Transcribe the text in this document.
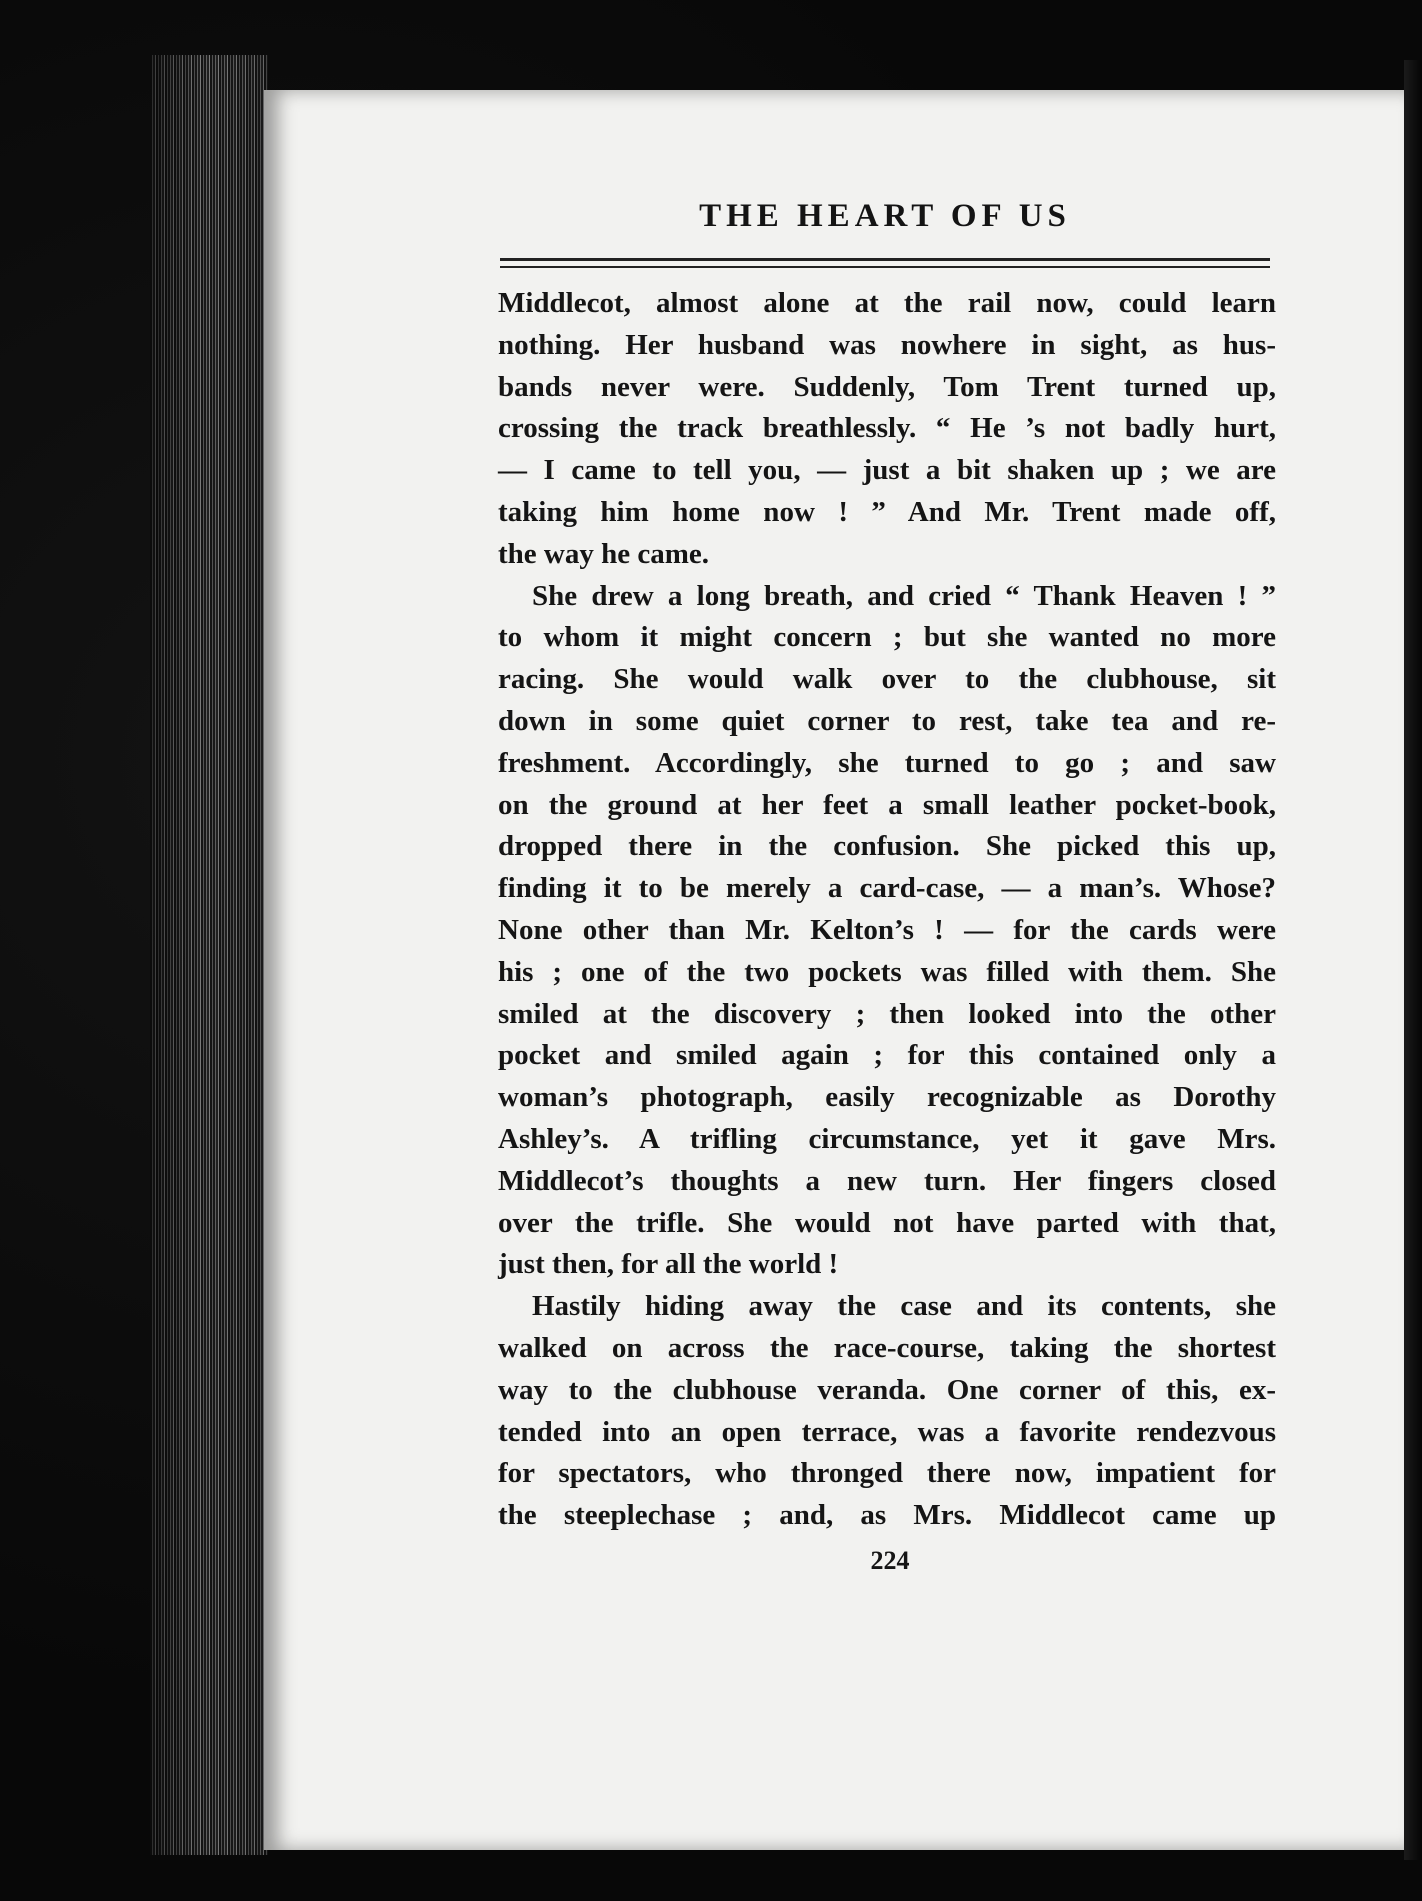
THE HEART OF US
Middlecot, almost alone at the rail now, could learn
nothing. Her husband was nowhere in sight, as hus-
bands never were. Suddenly, Tom Trent turned up,
crossing the track breathlessly. “ He ’s not badly hurt,
— I came to tell you, — just a bit shaken up ; we are
taking him home now ! ” And Mr. Trent made off,
the way he came.
She drew a long breath, and cried “ Thank Heaven ! ”
to whom it might concern ; but she wanted no more
racing. She would walk over to the clubhouse, sit
down in some quiet corner to rest, take tea and re-
freshment. Accordingly, she turned to go ; and saw
on the ground at her feet a small leather pocket-book,
dropped there in the confusion. She picked this up,
finding it to be merely a card-case, — a man’s. Whose?
None other than Mr. Kelton’s ! — for the cards were
his ; one of the two pockets was filled with them. She
smiled at the discovery ; then looked into the other
pocket and smiled again ; for this contained only a
woman’s photograph, easily recognizable as Dorothy
Ashley’s. A trifling circumstance, yet it gave Mrs.
Middlecot’s thoughts a new turn. Her fingers closed
over the trifle. She would not have parted with that,
just then, for all the world !
Hastily hiding away the case and its contents, she
walked on across the race-course, taking the shortest
way to the clubhouse veranda. One corner of this, ex-
tended into an open terrace, was a favorite rendezvous
for spectators, who thronged there now, impatient for
the steeplechase ; and, as Mrs. Middlecot came up
224
